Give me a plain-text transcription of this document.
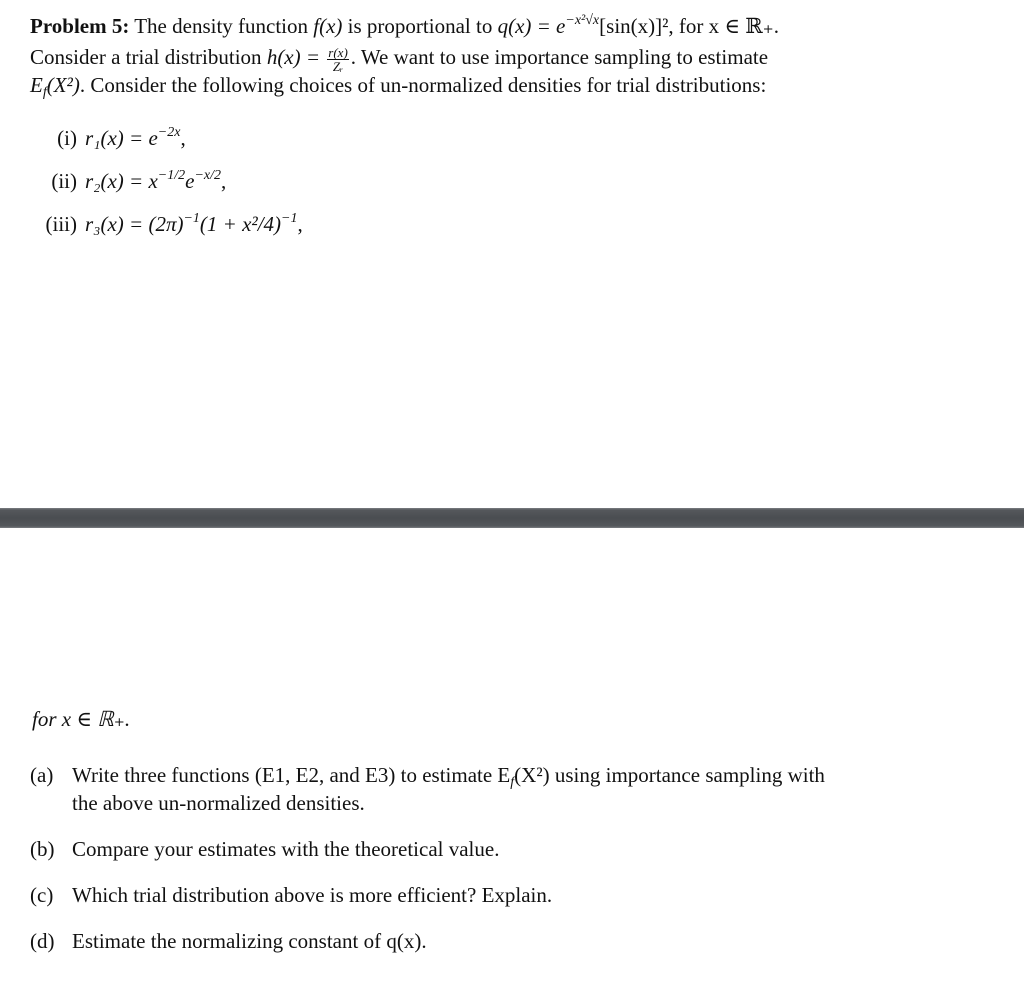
Problem 5: The density function f(x) is proportional to $q(x) = e^{-x^2√x}[\sin(x)]^2$, for x ∈ ℝ₊.
Consider a trial distribution $h(x) = \frac{r(x)}{\text{Zᵣ}}$ . We want to use importance sampling to estimate
$E_f(X^2)$. Consider the following choices of un-normalized densities for trial distributions:
(i) $r_1(x) = e^{-2x}$,
(ii) $r_2(x) = x^{-1/2}e^{-x/2}$,
(iii) $r_3(x) = (2\pi)^{-1}(1 + x^2/4)^{-1}$,
for x ∈ ℝ₊.
(a) Write three functions (E1, E2, and E3) to estimate $E_f(X^2)$ using importance sampling with
the above un-normalized densities.
(b) Compare your estimates with the theoretical value.
(c) Which trial distribution above is more efficient? Explain.
(d) Estimate the normalizing constant of q(x).
